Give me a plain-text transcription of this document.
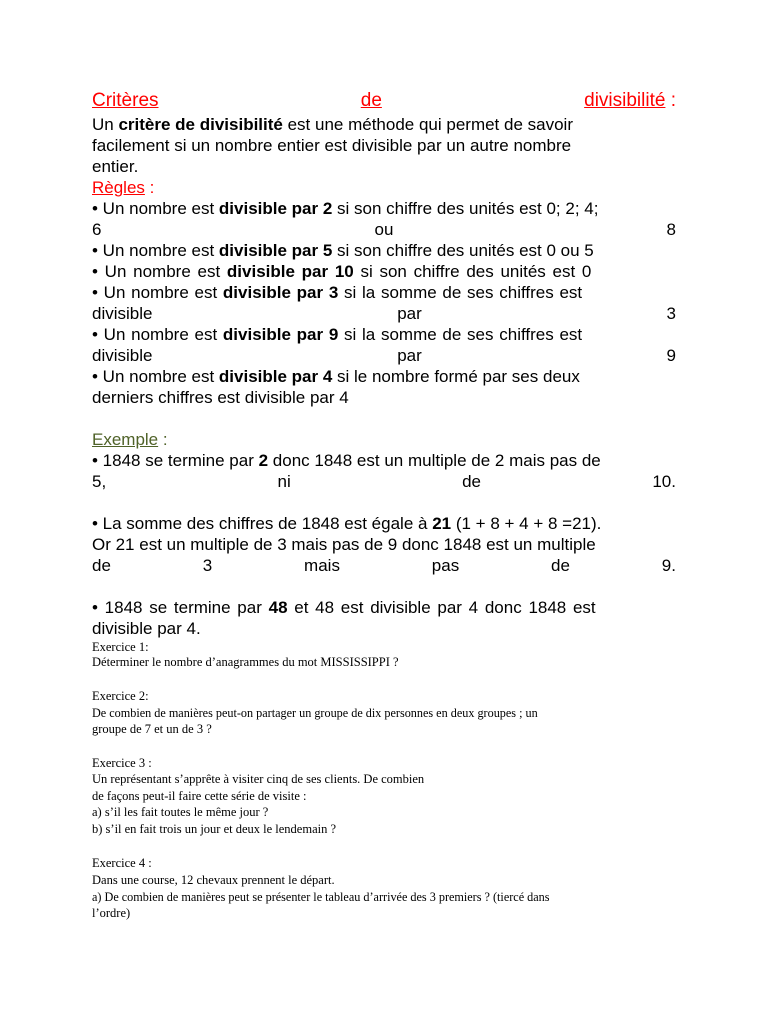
Critères	de	divisibilité :
Un critère de divisibilité est une méthode qui permet de savoir
facilement si un nombre entier est divisible par un autre nombre
entier.
Règles :
• Un nombre est divisible par 2 si son chiffre des unités est 0; 2; 4;
6	ou	8
• Un nombre est divisible par 5 si son chiffre des unités est 0 ou 5
• Un nombre est divisible par 10 si son chiffre des unités est 0
• Un nombre est divisible par 3 si la somme de ses chiffres est
divisible	par	3
• Un nombre est divisible par 9 si la somme de ses chiffres est
divisible	par	9
• Un nombre est divisible par 4 si le nombre formé par ses deux
derniers chiffres est divisible par 4
Exemple :
• 1848 se termine par 2 donc 1848 est un multiple de 2 mais pas de
5,	ni	de	10.
• La somme des chiffres de 1848 est égale à 21 (1 + 8 + 4 + 8 =21).
Or 21 est un multiple de 3 mais pas de 9 donc 1848 est un multiple
de	3	mais	pas	de	9.
• 1848 se termine par 48 et 48 est divisible par 4 donc 1848 est
divisible par 4.
Exercice 1:
Déterminer le nombre d’anagrammes du mot MISSISSIPPI ?
Exercice 2:
De combien de manières peut-on partager un groupe de dix personnes en deux groupes ; un
groupe de 7 et un de 3 ?
Exercice 3 :
Un représentant s’apprête à visiter cinq de ses clients. De combien
de façons peut-il faire cette série de visite :
a) s’il les fait toutes le même jour ?
b) s’il en fait trois un jour et deux le lendemain ?
Exercice 4 :
Dans une course, 12 chevaux prennent le départ.
a) De combien de manières peut se présenter le tableau d’arrivée des 3 premiers ? (tiercé dans
l’ordre)
